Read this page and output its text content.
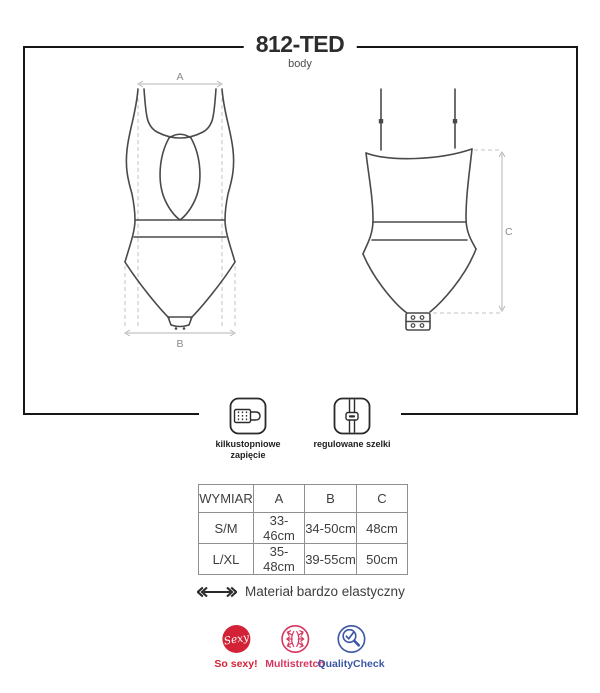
812-TED
body
A
B
C
kilkustopniowe zapięcie
regulowane szelki
WYMIAR	A	B	C
S/M	33-46cm	34-50cm	48cm
L/XL	35-48cm	39-55cm	50cm
Materiał bardzo elastyczny
Sexy
So sexy! Multistretch
QualityCheck
